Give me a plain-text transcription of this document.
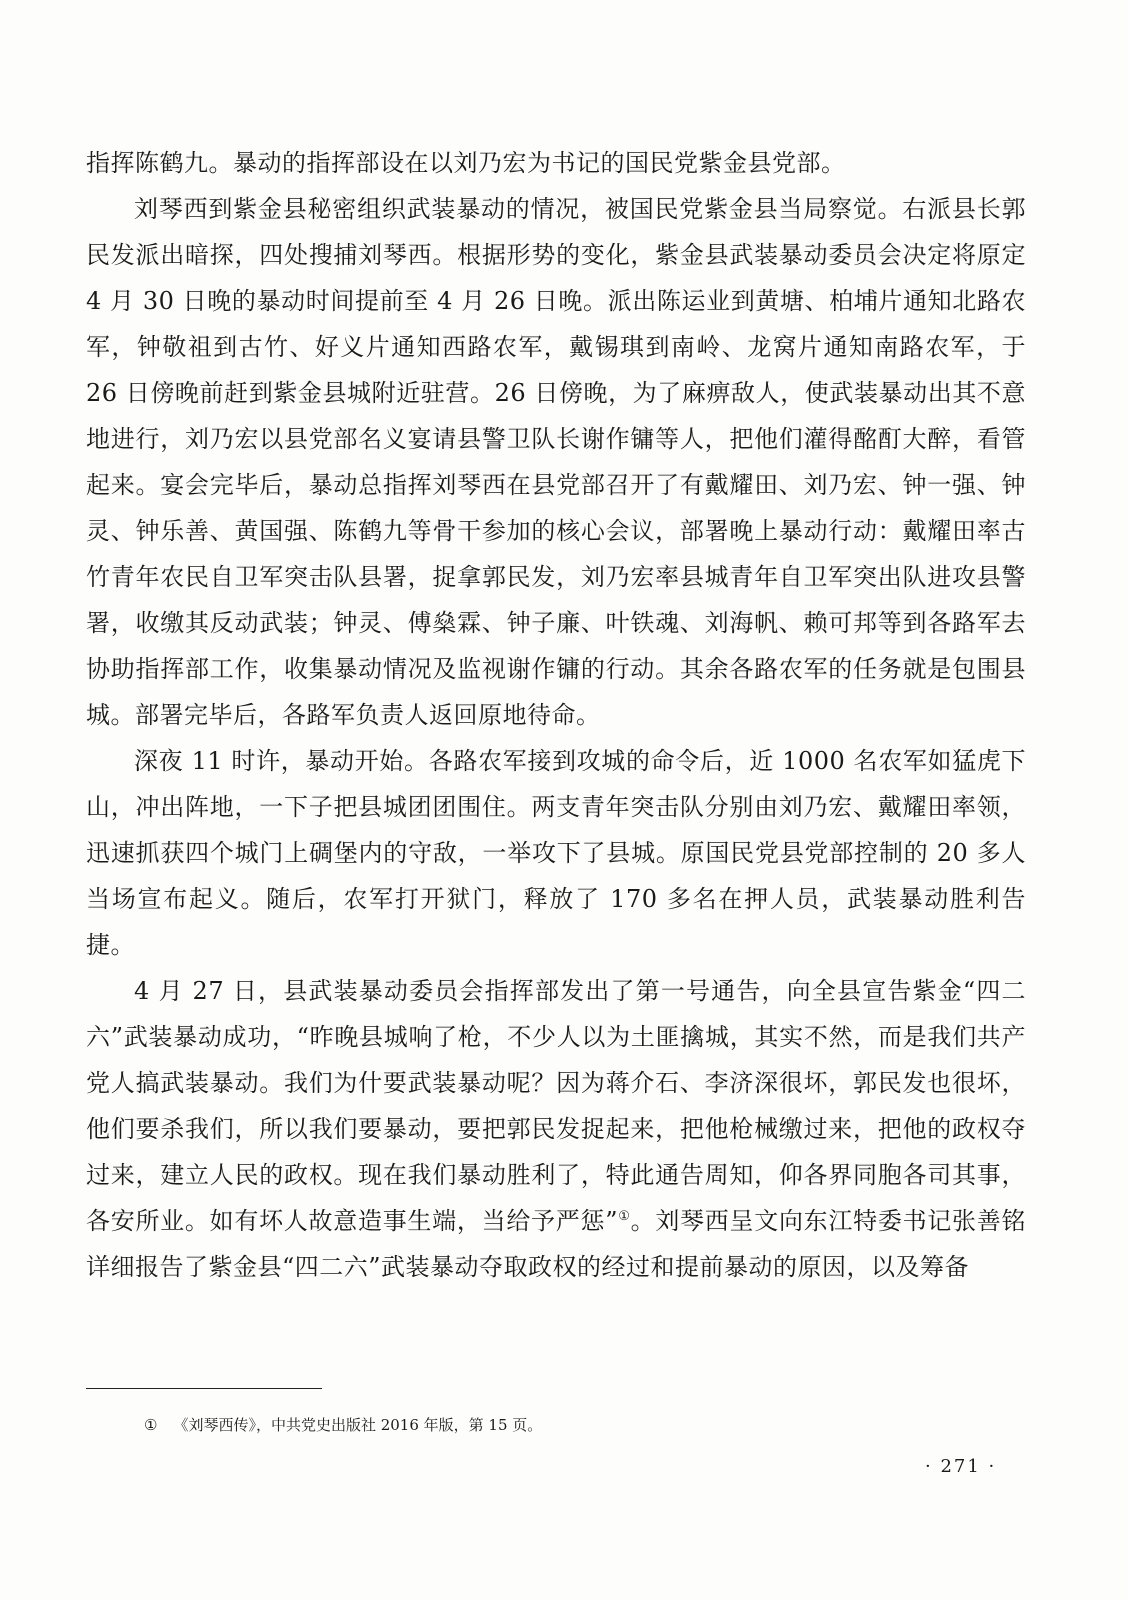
指挥陈鹤九。暴动的指挥部设在以刘乃宏为书记的国民党紫金县党部。

刘琴西到紫金县秘密组织武装暴动的情况，被国民党紫金县当局察觉。右派县长郭民发派出暗探，四处搜捕刘琴西。根据形势的变化，紫金县武装暴动委员会决定将原定 4 月 30 日晚的暴动时间提前至 4 月 26 日晚。派出陈运业到黄塘、柏埔片通知北路农军，钟敬祖到古竹、好义片通知西路农军，戴锡琪到南岭、龙窝片通知南路农军，于 26 日傍晚前赶到紫金县城附近驻营。26 日傍晚，为了麻痹敌人，使武装暴动出其不意地进行，刘乃宏以县党部名义宴请县警卫队长谢作镛等人，把他们灌得酩酊大醉，看管起来。宴会完毕后，暴动总指挥刘琴西在县党部召开了有戴耀田、刘乃宏、钟一强、钟灵、钟乐善、黄国强、陈鹤九等骨干参加的核心会议，部署晚上暴动行动：戴耀田率古竹青年农民自卫军突击队县署，捉拿郭民发，刘乃宏率县城青年自卫军突出队进攻县警署，收缴其反动武装；钟灵、傅燊霖、钟子廉、叶铁魂、刘海帆、赖可邦等到各路军去协助指挥部工作，收集暴动情况及监视谢作镛的行动。其余各路农军的任务就是包围县城。部署完毕后，各路军负责人返回原地待命。

深夜 11 时许，暴动开始。各路农军接到攻城的命令后，近 1000 名农军如猛虎下山，冲出阵地，一下子把县城团团围住。两支青年突击队分别由刘乃宏、戴耀田率领，迅速抓获四个城门上碉堡内的守敌，一举攻下了县城。原国民党县党部控制的 20 多人当场宣布起义。随后，农军打开狱门，释放了 170 多名在押人员，武装暴动胜利告捷。

4 月 27 日，县武装暴动委员会指挥部发出了第一号通告，向全县宣告紫金“四二六”武装暴动成功，“昨晚县城响了枪，不少人以为土匪擒城，其实不然，而是我们共产党人搞武装暴动。我们为什要武装暴动呢？因为蒋介石、李济深很坏，郭民发也很坏，他们要杀我们，所以我们要暴动，要把郭民发捉起来，把他枪械缴过来，把他的政权夺过来，建立人民的政权。现在我们暴动胜利了，特此通告周知，仰各界同胞各司其事，各安所业。如有坏人故意造事生端，当给予严惩”①。刘琴西呈文向东江特委书记张善铭详细报告了紫金县“四二六”武装暴动夺取政权的经过和提前暴动的原因，以及筹备

① 《刘琴西传》，中共党史出版社 2016 年版，第 15 页。
· 271 ·
